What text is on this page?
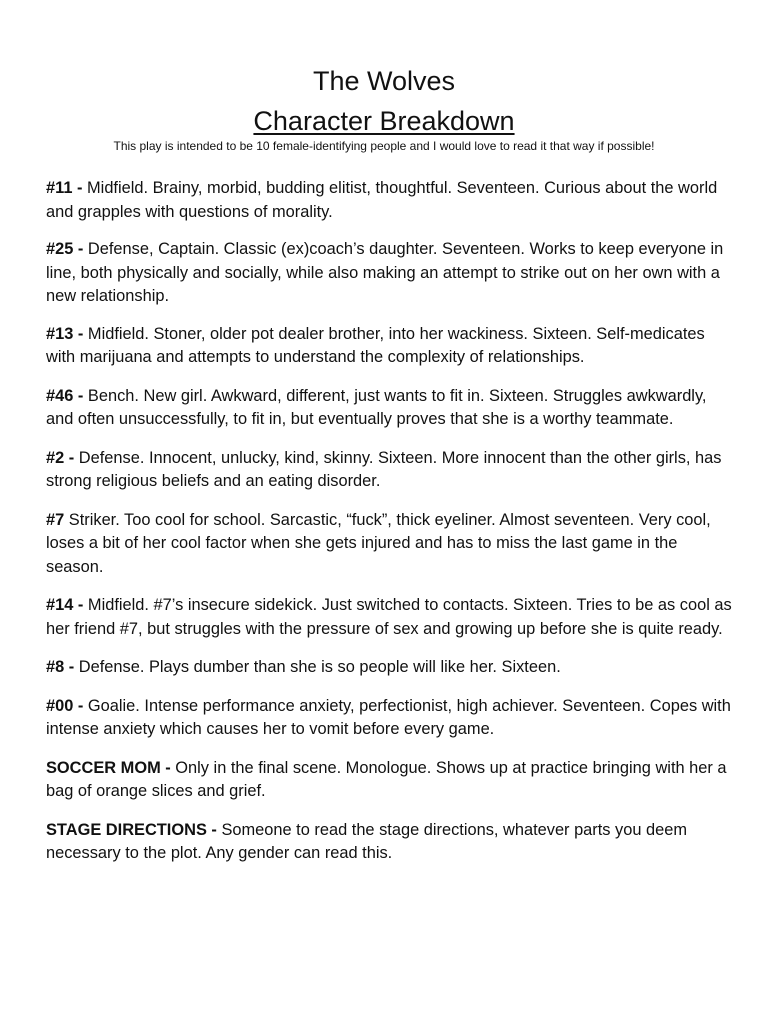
The Wolves
Character Breakdown

This play is intended to be 10 female-identifying people and I would love to read it that way if possible!

#11 - Midfield. Brainy, morbid, budding elitist, thoughtful. Seventeen. Curious about the world and grapples with questions of morality.

#25 - Defense, Captain. Classic (ex)coach’s daughter. Seventeen. Works to keep everyone in line, both physically and socially, while also making an attempt to strike out on her own with a new relationship.

#13 - Midfield. Stoner, older pot dealer brother, into her wackiness. Sixteen. Self-medicates with marijuana and attempts to understand the complexity of relationships.

#46 - Bench. New girl. Awkward, different, just wants to fit in. Sixteen. Struggles awkwardly, and often unsuccessfully, to fit in, but eventually proves that she is a worthy teammate.

#2 - Defense. Innocent, unlucky, kind, skinny. Sixteen. More innocent than the other girls, has strong religious beliefs and an eating disorder.

#7 Striker. Too cool for school. Sarcastic, “fuck”, thick eyeliner. Almost seventeen. Very cool, loses a bit of her cool factor when she gets injured and has to miss the last game in the season.

#14 - Midfield. #7’s insecure sidekick. Just switched to contacts. Sixteen. Tries to be as cool as her friend #7, but struggles with the pressure of sex and growing up before she is quite ready.

#8 - Defense. Plays dumber than she is so people will like her. Sixteen.

#00 - Goalie. Intense performance anxiety, perfectionist, high achiever. Seventeen. Copes with intense anxiety which causes her to vomit before every game.

SOCCER MOM - Only in the final scene. Monologue. Shows up at practice bringing with her a bag of orange slices and grief.

STAGE DIRECTIONS - Someone to read the stage directions, whatever parts you deem necessary to the plot. Any gender can read this.
